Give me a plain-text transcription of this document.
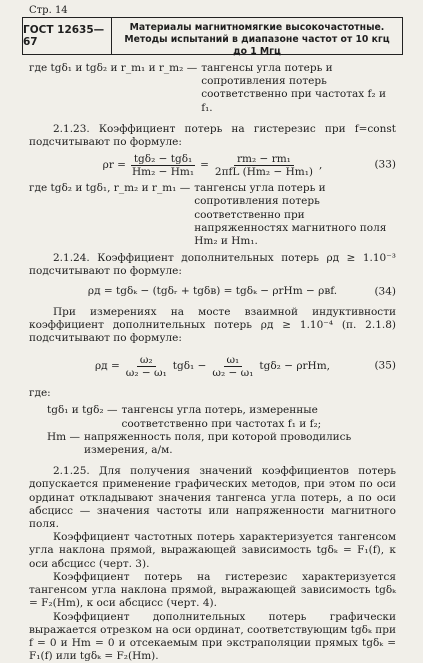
Стр. 14
ГОСТ 12635—67
Материалы магнитномягкие высокочастотные. Методы испытаний в диапазоне частот от 10 кгц до 1 Мгц
где tgδ₁ и tgδ₂ и r_m₁ и r_m₂ — тангенсы угла потерь и сопротивления потерь соответственно при частотах f₂ и f₁.

2.1.23. Коэффициент потерь на гистерезис при f=const подсчитывают по формуле:

$\rho r = \frac{\text{tgδ₂ − tgδ₁}}{\text{Hm₂ − Hm₁}} = \frac{\text{rm₂ − rm₁}}{\text{2πfL (Hm₂ − Hm₁)}}$ ,	(33)
где tgδ₂ и tgδ₁, r_m₂ и r_m₁ — тангенсы угла потерь и сопротивления потерь соответственно при напряженностях магнитного поля Hm₂ и Hm₁.

2.1.24. Коэффициент дополнительных потерь ρд ≥ 1.10⁻³ подсчитывают по формуле:

ρд = tgδₖ − (tgδᵣ + tgδв) = tgδₖ − ρrHm − ρвf.	(34)

При измерениях на мосте взаимной индуктивности коэффициент дополнительных потерь ρд ≥ 1.10⁻⁴ (п. 2.1.8) подсчитывают по формуле:

$\rho д = \frac{\text{ω₂}}{\text{ω₂ − ω₁}} tg\delta_1 - \frac{\text{ω₁}}{\text{ω₂ − ω₁}} tg\delta_2 - \rho rHm$,	(35)

где:

tgδ₁ и tgδ₂ — тангенсы угла потерь, измеренные соответственно при частотах f₁ и f₂;
Hm — напряженность поля, при которой проводились измерения, а/м.

2.1.25. Для получения значений коэффициентов потерь допускается применение графических методов, при этом по оси ординат откладывают значения тангенса угла потерь, а по оси абсцисс — значения частоты или напряженности магнитного поля.

Коэффициент частотных потерь характеризуется тангенсом угла наклона прямой, выражающей зависимость tgδₖ = F₁(f), к оси абсцисс (черт. 3).

Коэффициент потерь на гистерезис характеризуется тангенсом угла наклона прямой, выражающей зависимость tgδₖ = F₂(Hm), к оси абсцисс (черт. 4).

Коэффициент дополнительных потерь графически выражается отрезком на оси ординат, соответствующим tgδₖ при f = 0 и Hm = 0 и отсекаемым при экстраполяции прямых tgδₖ = F₁(f) или tgδₖ = F₂(Hm).
